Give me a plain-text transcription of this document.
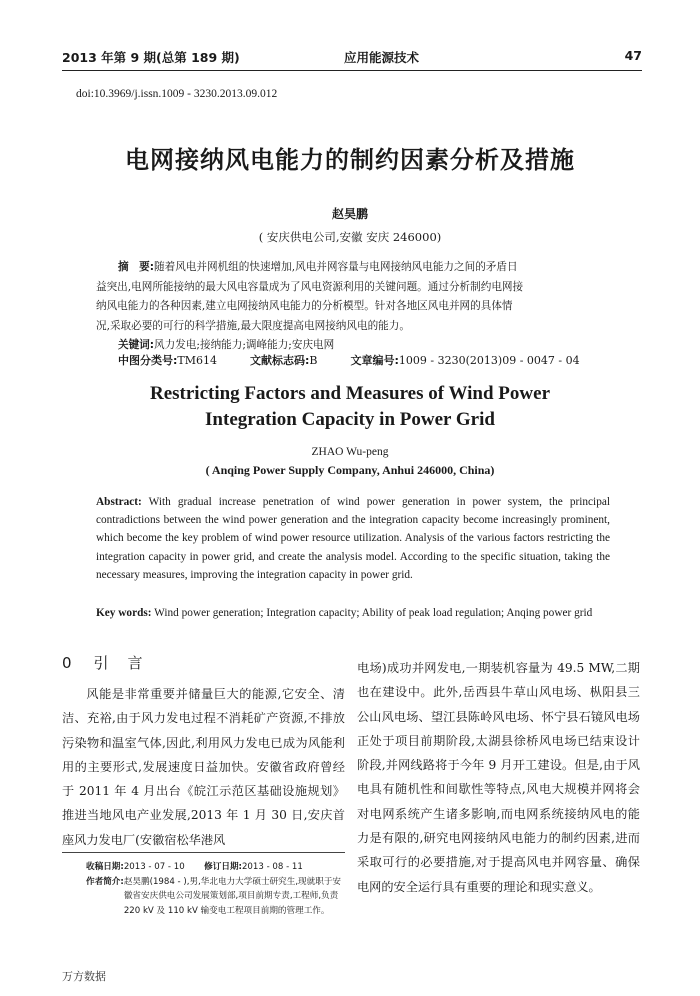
2013 年第 9 期(总第 189 期)	应用能源技术	47
doi:10.3969/j.issn.1009 - 3230.2013.09.012
电网接纳风电能力的制约因素分析及措施
赵昊鹏
( 安庆供电公司,安徽 安庆 246000)
摘　要:随着风电并网机组的快速增加,风电并网容量与电网接纳风电能力之间的矛盾日
益突出,电网所能接纳的最大风电容量成为了风电资源利用的关键问题。通过分析制约电网接
纳风电能力的各种因素,建立电网接纳风电能力的分析模型。针对各地区风电并网的具体情
况,采取必要的可行的科学措施,最大限度提高电网接纳风电的能力。
关键词:风力发电;接纳能力;调峰能力;安庆电网
中图分类号:TM614	文献标志码:B	文章编号:1009 - 3230(2013)09 - 0047 - 04
Restricting Factors and Measures of Wind Power
Integration Capacity in Power Grid
ZHAO Wu-peng
( Anqing Power Supply Company, Anhui 246000, China)
Abstract: With gradual increase penetration of wind power generation in power system, the principal contradictions between the wind power generation and the integration capacity become increasingly prominent, which become the key problem of wind power resource utilization. Analysis of the various factors restricting the integration capacity in power grid, and create the analysis model. According to the specific situation, taking the necessary measures, improving the integration capacity in power grid.
Key words: Wind power generation; Integration capacity; Ability of peak load regulation; Anqing power grid
0 引　言

风能是非常重要并储量巨大的能源,它安全、清洁、充裕,由于风力发电过程不消耗矿产资源,不排放污染物和温室气体,因此,利用风力发电已成为风能利用的主要形式,发展速度日益加快。安徽省政府曾经于 2011 年 4 月出台《皖江示范区基础设施规划》推进当地风电产业发展,2013 年 1 月 30 日,安庆首座风力发电厂(安徽宿松华港风

电场)成功并网发电,一期装机容量为 49.5 MW,二期也在建设中。此外,岳西县牛草山风电场、枞阳县三公山风电场、望江县陈岭风电场、怀宁县石镜风电场正处于项目前期阶段,太湖县徐桥风电场已结束设计阶段,并网线路将于今年 9 月开工建设。但是,由于风电具有随机性和间歇性等特点,风电大规模并网将会对电网系统产生诸多影响,而电网系统接纳风电的能力是有限的,研究电网接纳风电能力的制约因素,进而采取可行的必要措施,对于提高风电并网容量、确保电网的安全运行具有重要的理论和现实意义。

收稿日期:2013 - 07 - 10 修订日期:2013 - 08 - 11
作者简介: 赵昊鹏(1984 - ),男,华北电力大学硕士研究生,现就职于安徽省安庆供电公司发展策划部,项目前期专责,工程师,负责 220 kV 及 110 kV 输变电工程项目前期的管理工作。
万方数据
